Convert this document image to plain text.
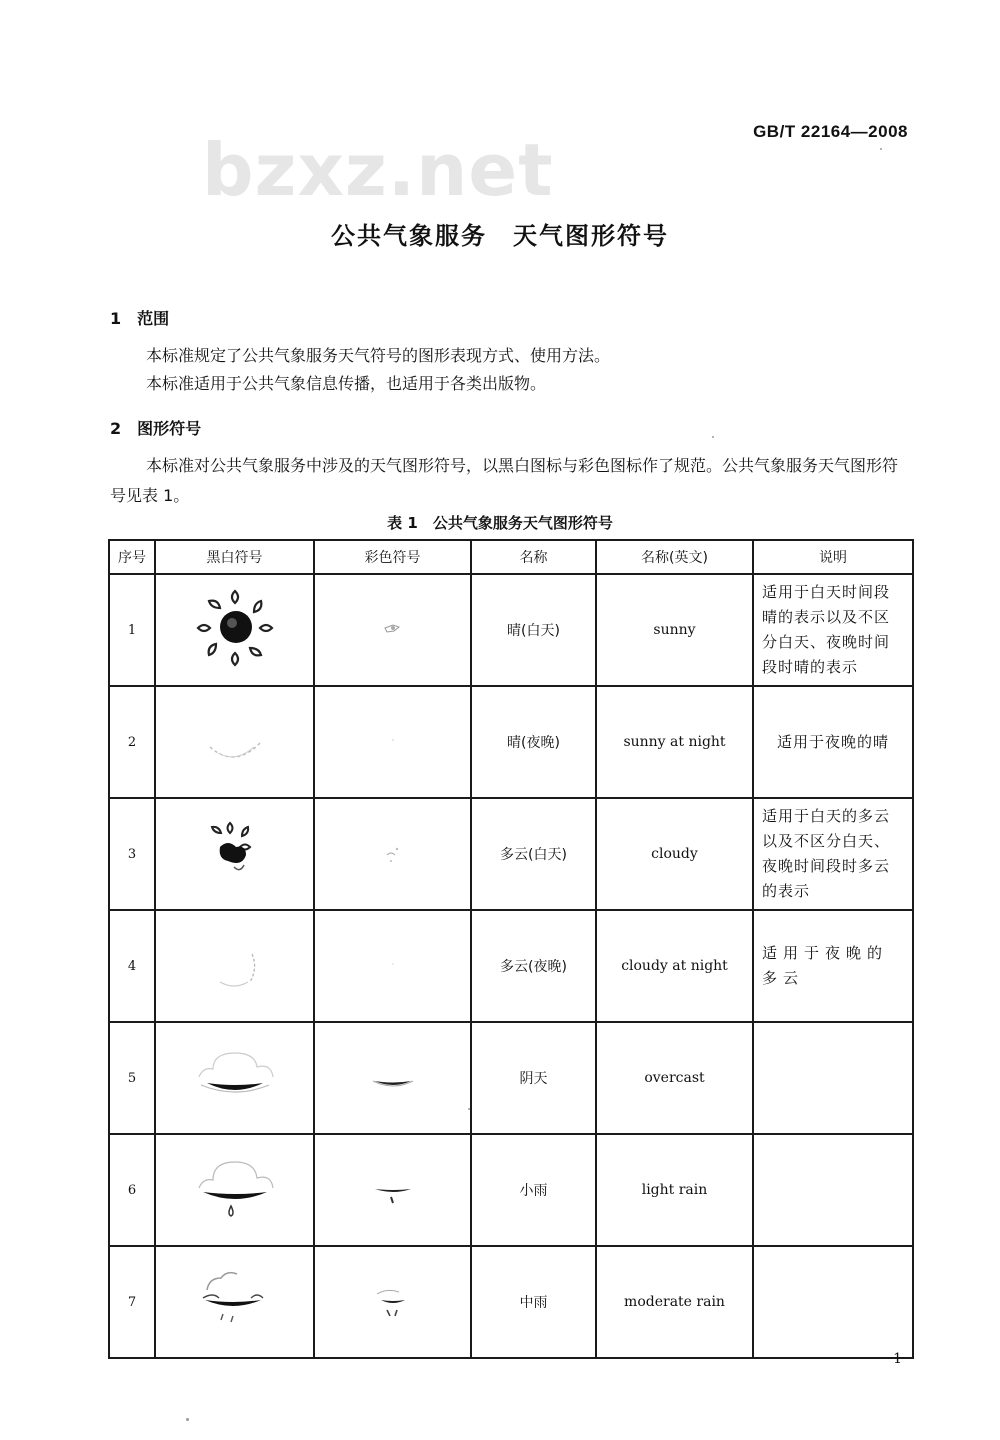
GB/T 22164—2008
bzxz.net
公共气象服务　天气图形符号
1　范围
本标准规定了公共气象服务天气符号的图形表现方式、使用方法。
本标准适用于公共气象信息传播，也适用于各类出版物。
2　图形符号
本标准对公共气象服务中涉及的天气图形符号，以黑白图标与彩色图标作了规范。公共气象服务天气图形符号见表 1。
表 1　公共气象服务天气图形符号
序号	黑白符号	彩色符号	名称	名称(英文)	说明
1			晴(白天)	sunny	适用于白天时间段晴的表示以及不区分白天、夜晚时间段时晴的表示
2			晴(夜晚)	sunny at night	适用于夜晚的晴
3			多云(白天)	cloudy	适用于白天的多云以及不区分白天、夜晚时间段时多云的表示
4			多云(夜晚)	cloudy at night	适用于夜晚的多云
5			阴天	overcast	
6			小雨	light rain	
7			中雨	moderate rain	
1
